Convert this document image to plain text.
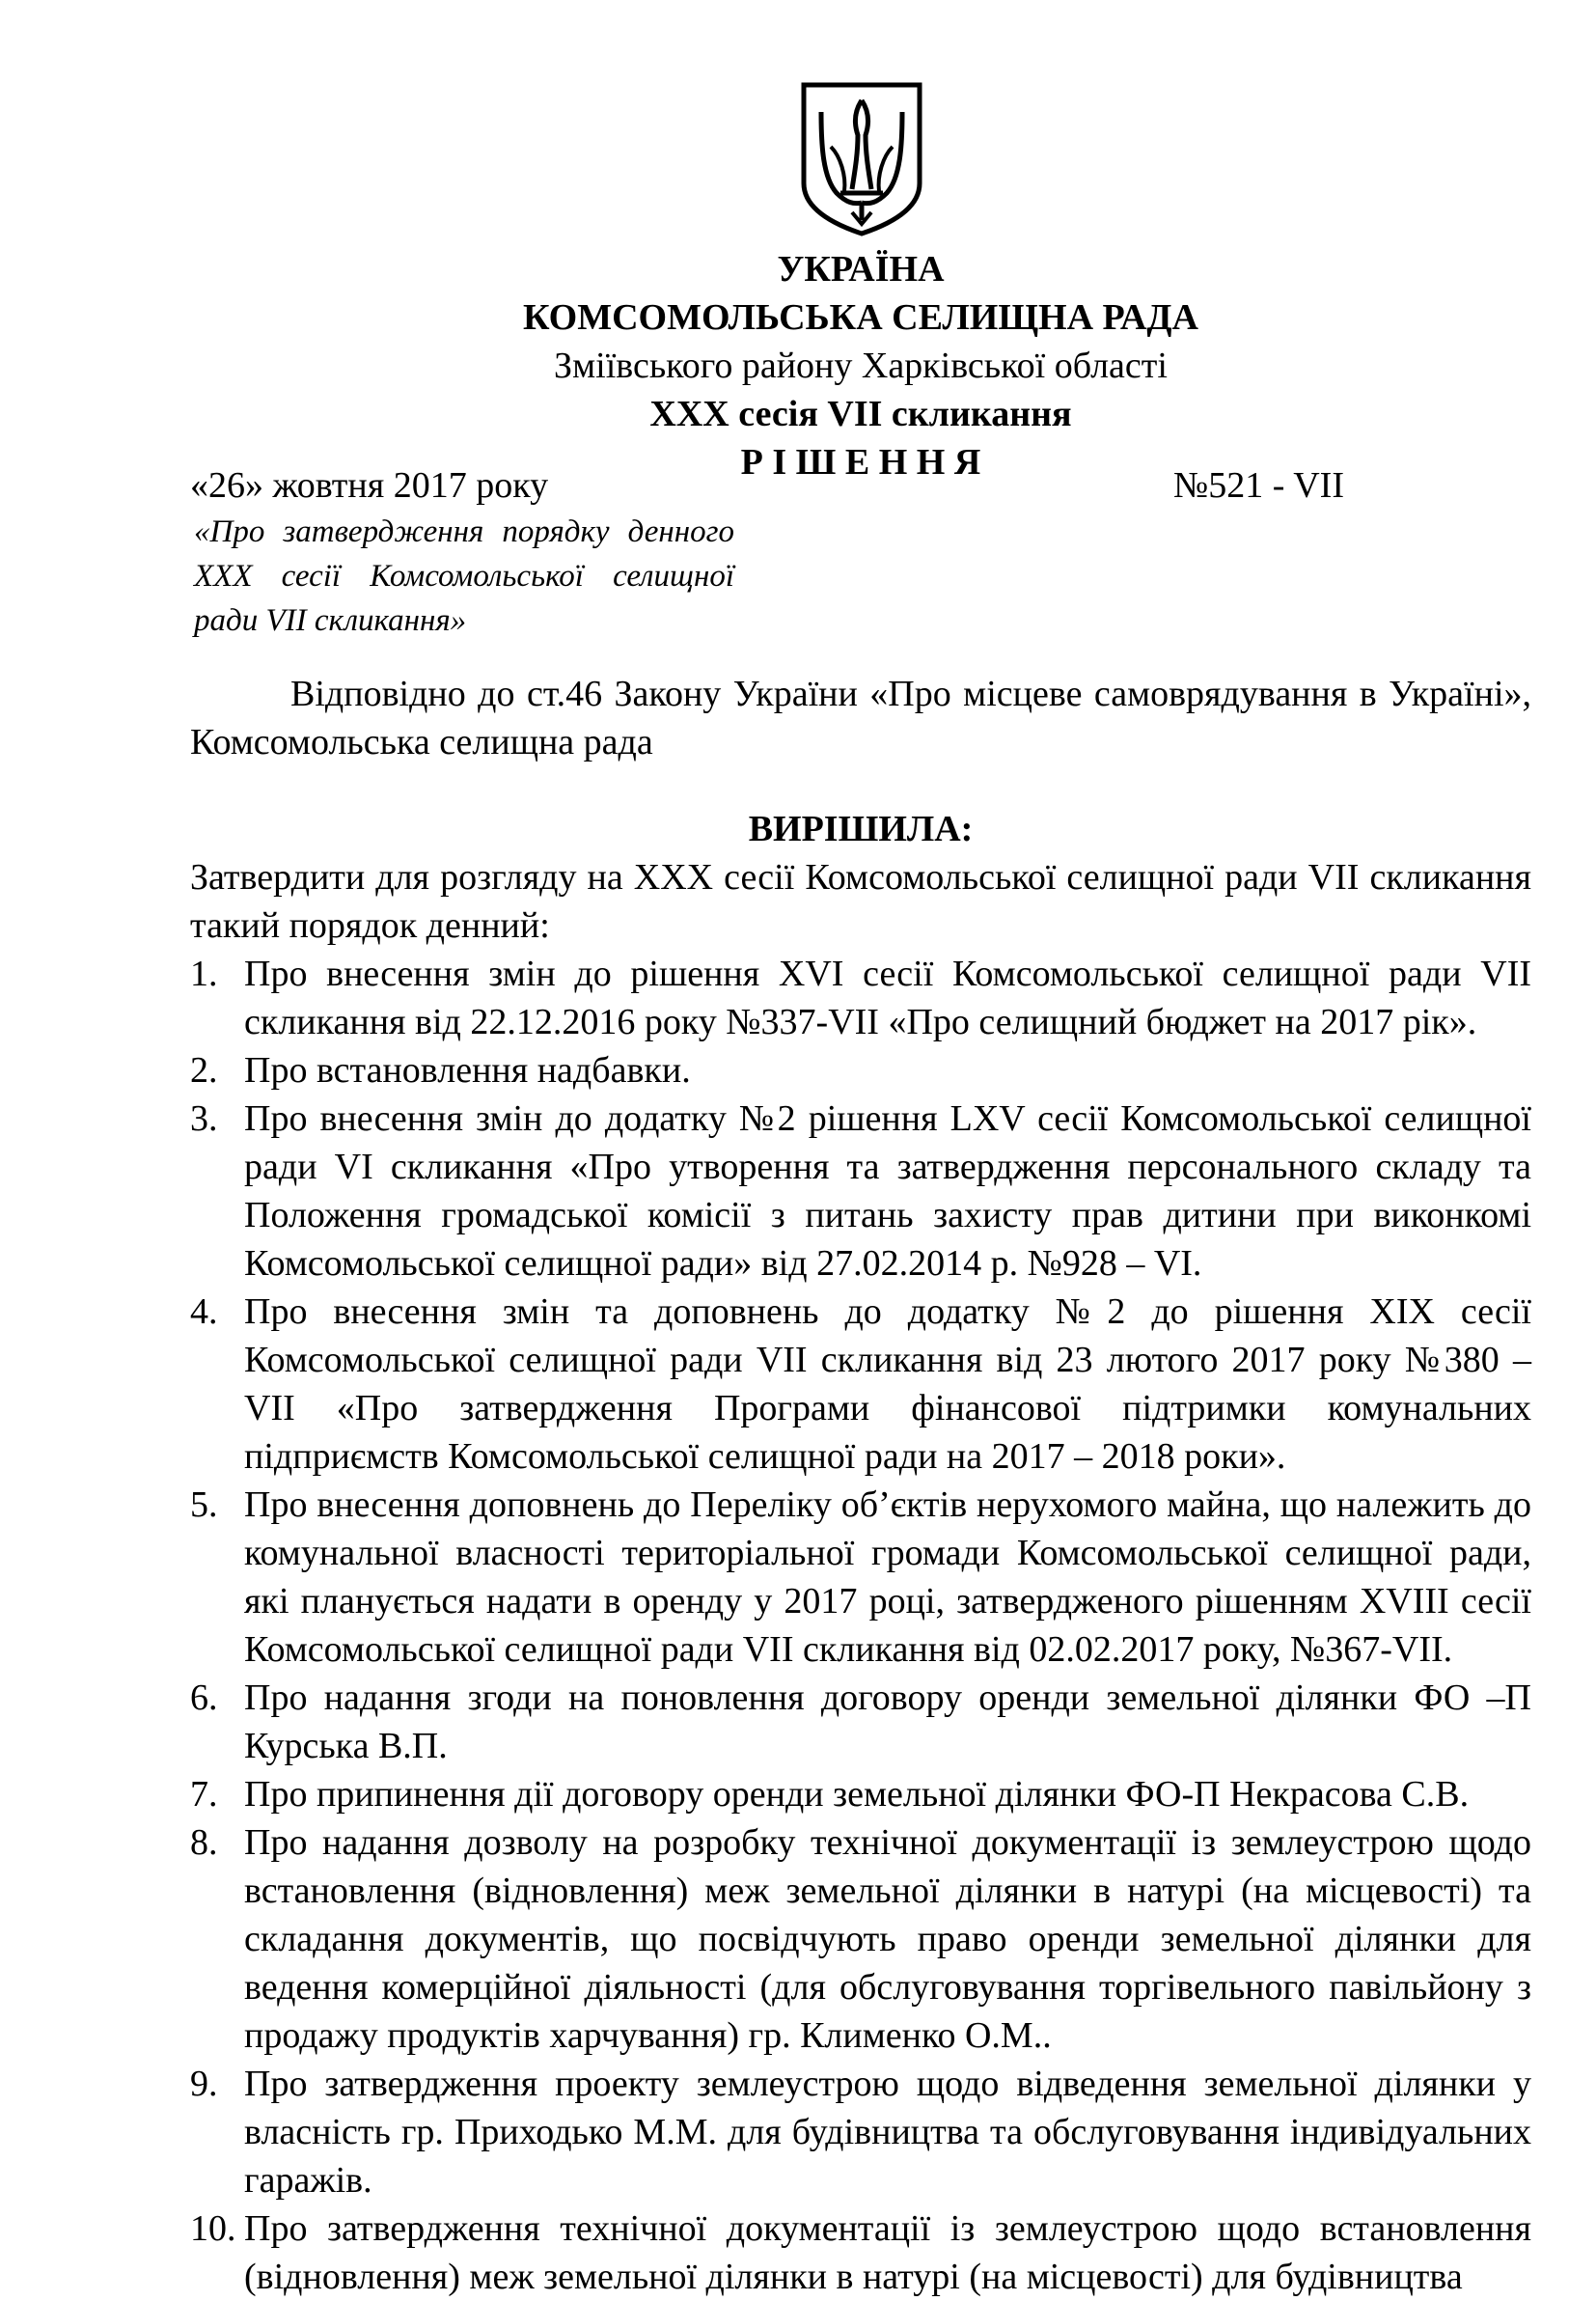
УКРАЇНА
КОМСОМОЛЬСЬКА СЕЛИЩНА РАДА
Зміївського району Харківської області
XXX сесія VII скликання
Р І Ш Е Н Н Я
«26» жовтня 2017 року	№521 - VII
«Про затвердження порядку денного XXX сесії Комсомольської селищної ради VII скликання»
Відповідно до ст.46 Закону України «Про місцеве самоврядування в Україні», Комсомольська селищна рада
ВИРІШИЛА:
Затвердити для розгляду на XXX сесії Комсомольської селищної ради VII скликання такий порядок денний:
1. Про внесення змін до рішення XVI сесії Комсомольської селищної ради VII скликання від 22.12.2016 року №337-VII «Про селищний бюджет на 2017 рік».
2. Про встановлення надбавки.
3. Про внесення змін до додатку №2 рішення LXV сесії Комсомольської селищної ради VI скликання «Про утворення та затвердження персонального складу та Положення громадської комісії з питань захисту прав дитини при виконкомі Комсомольської селищної ради» від 27.02.2014 р. №928 – VI.
4. Про внесення змін та доповнень до додатку №2 до рішення XIX сесії Комсомольської селищної ради VII скликання від 23 лютого 2017 року №380 – VII «Про затвердження Програми фінансової підтримки комунальних підприємств Комсомольської селищної ради на 2017 – 2018 роки».
5. Про внесення доповнень до Переліку об’єктів нерухомого майна, що належить до комунальної власності територіальної громади Комсомольської селищної ради, які планується надати в оренду у 2017 році, затвердженого рішенням XVIII сесії Комсомольської селищної ради VII скликання від 02.02.2017 року, №367-VII.
6. Про надання згоди на поновлення договору оренди земельної ділянки ФО –П Курська В.П.
7. Про припинення дії договору оренди земельної ділянки ФО-П Некрасова С.В.
8. Про надання дозволу на розробку технічної документації із землеустрою щодо встановлення (відновлення) меж земельної ділянки в натурі (на місцевості) та складання документів, що посвідчують право оренди земельної ділянки для ведення комерційної діяльності (для обслуговування торгівельного павільйону з продажу продуктів харчування) гр. Клименко О.М..
9. Про затвердження проекту землеустрою щодо відведення земельної ділянки у власність гр. Приходько М.М. для будівництва та обслуговування індивідуальних гаражів.
10. Про затвердження технічної документації із землеустрою щодо встановлення (відновлення) меж земельної ділянки в натурі (на місцевості) для будівництва
